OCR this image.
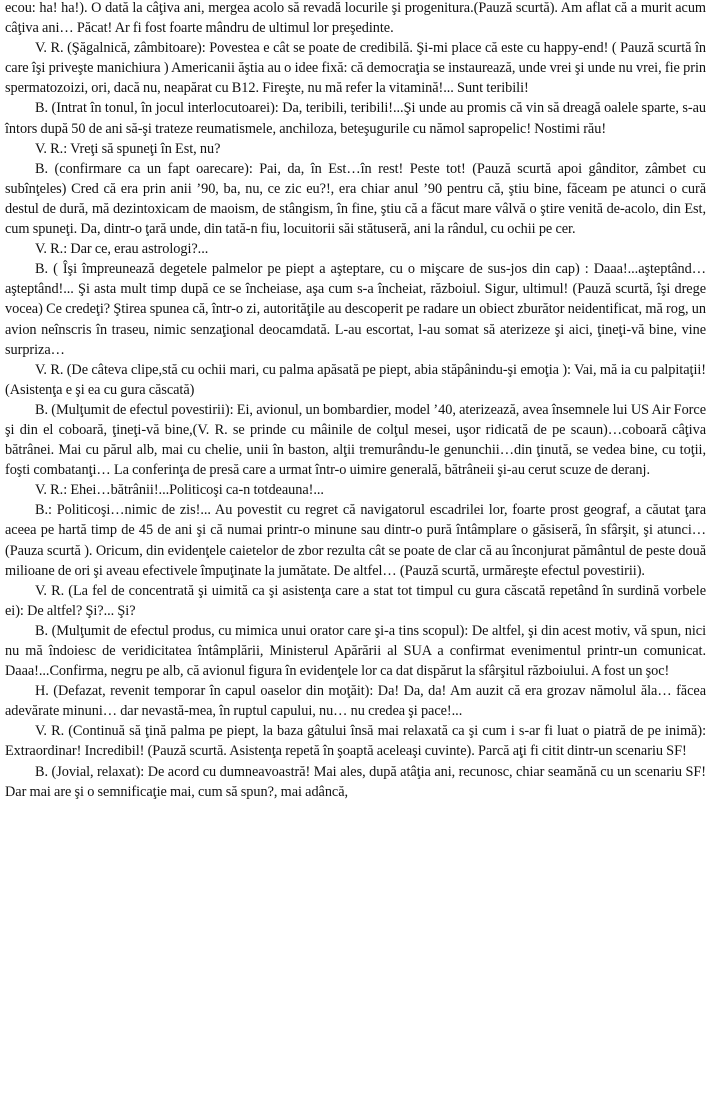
ecou: ha! ha!). O dată la câţiva ani, mergea acolo să revadă locurile şi progenitura.(Pauză scurtă). Am aflat că a murit acum câţiva ani… Păcat! Ar fi fost foarte mândru de ultimul lor preşedinte.

V. R. (Şăgalnică, zâmbitoare): Povestea e cât se poate de credibilă. Şi-mi place că este cu happy-end! ( Pauză scurtă în care îşi priveşte manichiura ) Americanii ăştia au o idee fixă: că democraţia se instaurează, unde vrei şi unde nu vrei, fie prin spermatozoizi, ori, dacă nu, neapărat cu B12. Fireşte, nu mă refer la vitamină!... Sunt teribili!

B. (Intrat în tonul, în jocul interlocutoarei): Da, teribili, teribili!...Şi unde au promis că vin să dreagă oalele sparte, s-au întors după 50 de ani să-şi trateze reumatismele, anchiloza, beteşugurile cu nămol sapropelic! Nostimi rău!

V. R.: Vreţi să spuneţi în Est, nu?

B. (confirmare ca un fapt oarecare): Pai, da, în Est…în rest! Peste tot! (Pauză scurtă apoi gânditor, zâmbet cu subînţeles) Cred că era prin anii ’90, ba, nu, ce zic eu?!, era chiar anul ’90 pentru că, ştiu bine, făceam pe atunci o cură destul de dură, mă dezintoxicam de maoism, de stângism, în fine, ştiu că a făcut mare vâlvă o ştire venită de-acolo, din Est, cum spuneţi. Da, dintr-o ţară unde, din tată-n fiu, locuitorii săi stătuseră, ani la rândul, cu ochii pe cer.

V. R.: Dar ce, erau astrologi?...

B. ( Îşi împreunează degetele palmelor pe piept a aşteptare, cu o mişcare de sus-jos din cap) : Daaa!...aşteptând…aşteptând!... Şi asta mult timp după ce se încheiase, aşa cum s-a încheiat, războiul. Sigur, ultimul! (Pauză scurtă, îşi drege vocea) Ce credeţi? Ştirea spunea că, într-o zi, autorităţile au descoperit pe radare un obiect zburător neidentificat, mă rog, un avion neînscris în traseu, nimic senzaţional deocamdată. L-au escortat, l-au somat să aterizeze şi aici, ţineţi-vă bine, vine surpriza…

V. R. (De câteva clipe,stă cu ochii mari, cu palma apăsată pe piept, abia stăpânindu-şi emoţia ): Vai, mă ia cu palpitaţii! (Asistenţa e şi ea cu gura căscată)

B. (Mulţumit de efectul povestirii): Ei, avionul, un bombardier, model ’40, aterizează, avea însemnele lui US Air Force şi din el coboară, ţineţi-vă bine,(V. R. se prinde cu mâinile de colţul mesei, uşor ridicată de pe scaun)…coboară câţiva bătrânei. Mai cu părul alb, mai cu chelie, unii în baston, alţii tremurându-le genunchii…din ţinută, se vedea bine, cu toţii, foşti combatanţi… La conferinţa de presă care a urmat într-o uimire generală, bătrâneii şi-au cerut scuze de deranj.

V. R.: Ehei…bătrânii!...Politicoşi ca-n totdeauna!...

B.: Politicoşi…nimic de zis!... Au povestit cu regret că navigatorul escadrilei lor, foarte prost geograf, a căutat ţara aceea pe hartă timp de 45 de ani şi că numai printr-o minune sau dintr-o pură întâmplare o găsiseră, în sfârşit, şi atunci…(Pauza scurtă ). Oricum, din evidenţele caietelor de zbor rezulta cât se poate de clar că au înconjurat pământul de peste două milioane de ori şi aveau efectivele împuţinate la jumătate. De altfel… (Pauză scurtă, urmăreşte efectul povestirii).

V. R. (La fel de concentrată şi uimită ca şi asistenţa care a stat tot timpul cu gura căscată repetând în surdină vorbele ei): De altfel? Şi?... Şi?

B. (Mulţumit de efectul produs, cu mimica unui orator care şi-a tins scopul): De altfel, şi din acest motiv, vă spun, nici nu mă îndoiesc de veridicitatea întâmplării, Ministerul Apărării al SUA a confirmat evenimentul printr-un comunicat. Daaa!...Confirma, negru pe alb, că avionul figura în evidenţele lor ca dat dispărut la sfârşitul războiului. A fost un şoc!

H. (Defazat, revenit temporar în capul oaselor din moţăit): Da! Da, da! Am auzit că era grozav nămolul ăla… făcea adevărate minuni… dar nevastă-mea, în ruptul capului, nu… nu credea şi pace!...

V. R. (Continuă să ţină palma pe piept, la baza gâtului însă mai relaxată ca şi cum i s-ar fi luat o piatră de pe inimă): Extraordinar! Incredibil! (Pauză scurtă. Asistenţa repetă în şoaptă aceleaşi cuvinte). Parcă aţi fi citit dintr-un scenariu SF!

B. (Jovial, relaxat): De acord cu dumneavoastră! Mai ales, după atâţia ani, recunosc, chiar seamănă cu un scenariu SF! Dar mai are şi o semnificaţie mai, cum să spun?, mai adâncă,
